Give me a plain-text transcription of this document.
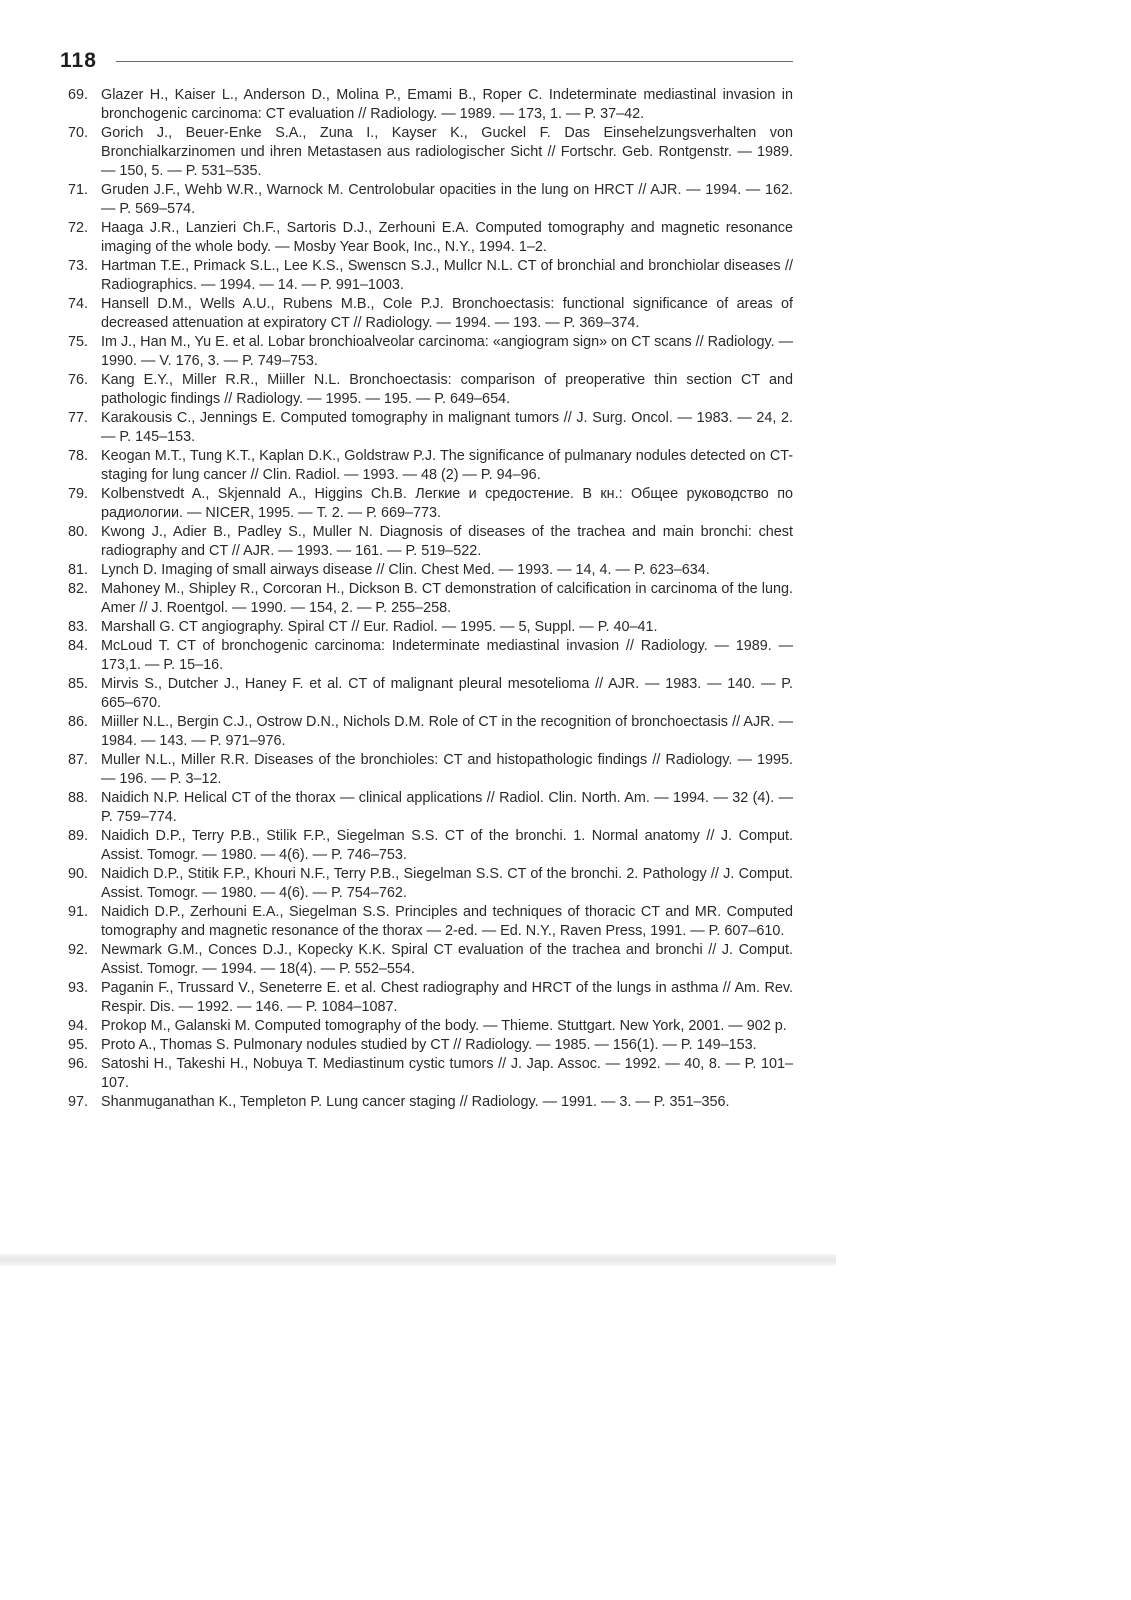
118
69. Glazer H., Kaiser L., Anderson D., Molina P., Emami B., Roper C. Indeterminate mediastinal invasion in bronchogenic carcinoma: CT evaluation // Radiology. — 1989. — 173, 1. — P. 37–42.
70. Gorich J., Beuer-Enke S.A., Zuna I., Kayser K., Guckel F. Das Einsehelzungsverhalten von Bronchialkarzinomen und ihren Metastasen aus radiologischer Sicht // Fortschr. Geb. Rontgenstr. — 1989. — 150, 5. — P. 531–535.
71. Gruden J.F., Wehb W.R., Warnock M. Centrolobular opacities in the lung on HRCT // AJR. — 1994. — 162. — P. 569–574.
72. Haaga J.R., Lanzieri Ch.F., Sartoris D.J., Zerhouni E.A. Computed tomography and magnetic resonance imaging of the whole body. — Mosby Year Book, Inc., N.Y., 1994. 1–2.
73. Hartman T.E., Primack S.L., Lee K.S., Swenscn S.J., Mullcr N.L. CT of bronchial and bronchiolar diseases // Radiographics. — 1994. — 14. — P. 991–1003.
74. Hansell D.M., Wells A.U., Rubens M.B., Cole P.J. Bronchoectasis: functional significance of areas of decreased attenuation at expiratory CT // Radiology. — 1994. — 193. — P. 369–374.
75. Im J., Han M., Yu E. et al. Lobar bronchioalveolar carcinoma: «angiogram sign» on CT scans // Radiology. — 1990. — V. 176, 3. — P. 749–753.
76. Kang E.Y., Miller R.R., Miiller N.L. Bronchoectasis: comparison of preoperative thin section CT and pathologic findings // Radiology. — 1995. — 195. — P. 649–654.
77. Karakousis C., Jennings E. Computed tomography in malignant tumors // J. Surg. Oncol. — 1983. — 24, 2. — P. 145–153.
78. Keogan M.T., Tung K.T., Kaplan D.K., Goldstraw P.J. The significance of pulmanary nodules detected on CT-staging for lung cancer // Clin. Radiol. — 1993. — 48 (2) — P. 94–96.
79. Kolbenstvedt A., Skjennald A., Higgins Ch.B. Легкие и средостение. В кн.: Общее руководство по радиологии. — NICER, 1995. — Т. 2. — Р. 669–773.
80. Kwong J., Adier B., Padley S., Muller N. Diagnosis of diseases of the trachea and main bronchi: chest radiography and CT // AJR. — 1993. — 161. — P. 519–522.
81. Lynch D. Imaging of small airways disease // Clin. Chest Med. — 1993. — 14, 4. — P. 623–634.
82. Mahoney M., Shipley R., Corcoran H., Dickson B. CT demonstration of calcification in carcinoma of the lung. Amer // J. Roentgol. — 1990. — 154, 2. — P. 255–258.
83. Marshall G. CT angiography. Spiral CT // Eur. Radiol. — 1995. — 5, Suppl. — P. 40–41.
84. McLoud T. CT of bronchogenic carcinoma: Indeterminate mediastinal invasion // Radiology. — 1989. — 173,1. — P. 15–16.
85. Mirvis S., Dutcher J., Haney F. et al. CT of malignant pleural mesotelioma // AJR. — 1983. — 140. — P. 665–670.
86. Miiller N.L., Bergin C.J., Ostrow D.N., Nichols D.M. Role of CT in the recognition of bronchoectasis // AJR. — 1984. — 143. — P. 971–976.
87. Muller N.L., Miller R.R. Diseases of the bronchioles: CT and histopathologic findings // Radiology. — 1995. — 196. — P. 3–12.
88. Naidich N.P. Helical CT of the thorax — clinical applications // Radiol. Clin. North. Am. — 1994. — 32 (4). — P. 759–774.
89. Naidich D.P., Terry P.B., Stilik F.P., Siegelman S.S. CT of the bronchi. 1. Normal anatomy // J. Comput. Assist. Tomogr. — 1980. — 4(6). — P. 746–753.
90. Naidich D.P., Stitik F.P., Khouri N.F., Terry P.B., Siegelman S.S. CT of the bronchi. 2. Pathology // J. Comput. Assist. Tomogr. — 1980. — 4(6). — P. 754–762.
91. Naidich D.P., Zerhouni E.A., Siegelman S.S. Principles and techniques of thoracic CT and MR. Computed tomography and magnetic resonance of the thorax — 2-ed. — Ed. N.Y., Raven Press, 1991. — P. 607–610.
92. Newmark G.M., Conces D.J., Kopecky K.K. Spiral CT evaluation of the trachea and bronchi // J. Comput. Assist. Tomogr. — 1994. — 18(4). — P. 552–554.
93. Paganin F., Trussard V., Seneterre E. et al. Chest radiography and HRCT of the lungs in asthma // Am. Rev. Respir. Dis. — 1992. — 146. — P. 1084–1087.
94. Prokop M., Galanski M. Computed tomography of the body. — Thieme. Stuttgart. New York, 2001. — 902 p.
95. Proto A., Thomas S. Pulmonary nodules studied by CT // Radiology. — 1985. — 156(1). — P. 149–153.
96. Satoshi H., Takeshi H., Nobuya T. Mediastinum cystic tumors // J. Jap. Assoc. — 1992. — 40, 8. — P. 101–107.
97. Shanmuganathan K., Templeton P. Lung cancer staging // Radiology. — 1991. — 3. — P. 351–356.
